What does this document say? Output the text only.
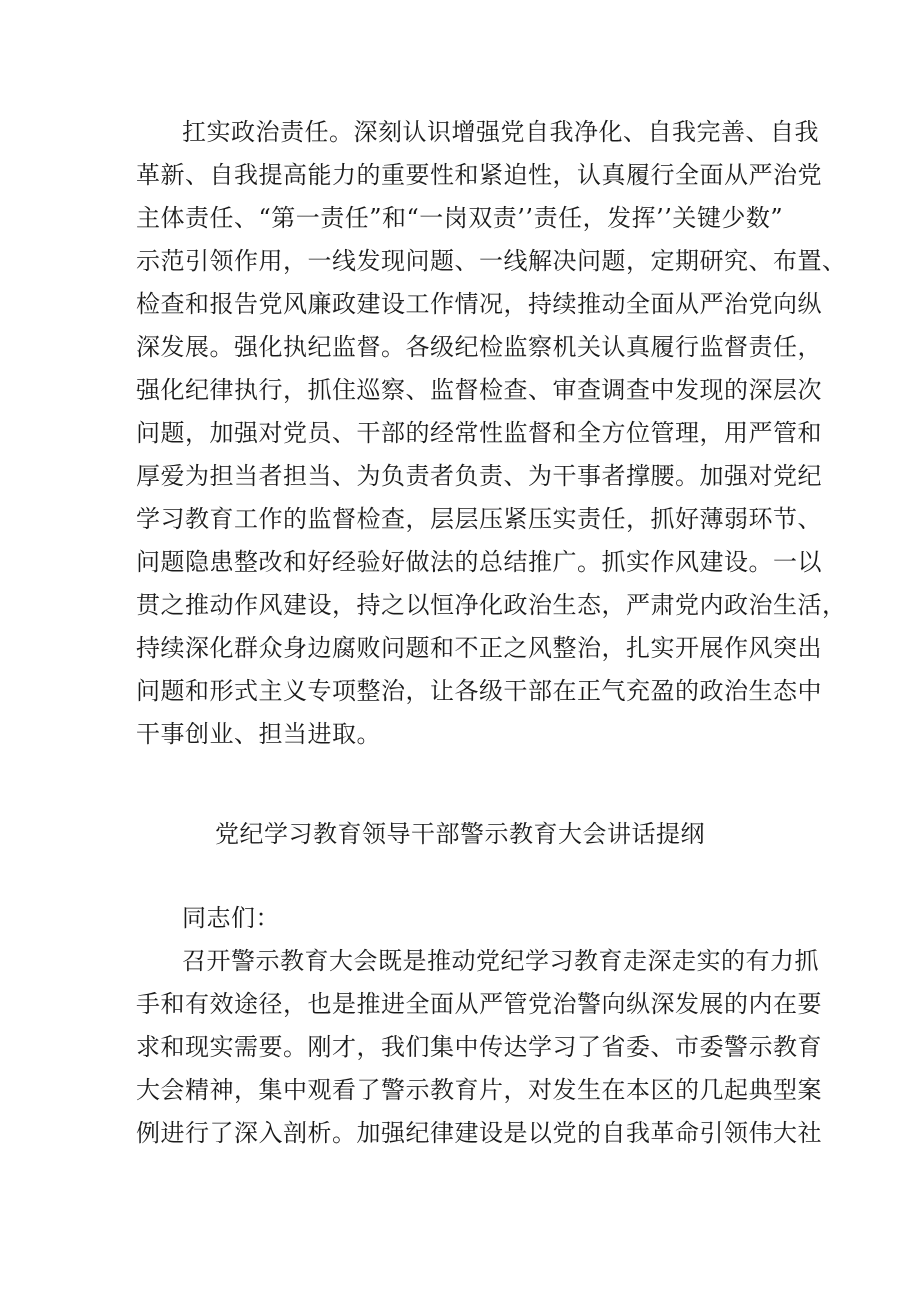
扛实政治责任。深刻认识增强党自我净化、自我完善、自我
革新、自我提高能力的重要性和紧迫性，认真履行全面从严治党
主体责任、“第一责任”和“一岗双责’’责任，发挥’’关键少数”
示范引领作用，一线发现问题、一线解决问题，定期研究、布置、
检查和报告党风廉政建设工作情况，持续推动全面从严治党向纵
深发展。强化执纪监督。各级纪检监察机关认真履行监督责任，
强化纪律执行，抓住巡察、监督检查、审查调查中发现的深层次
问题，加强对党员、干部的经常性监督和全方位管理，用严管和
厚爱为担当者担当、为负责者负责、为干事者撑腰。加强对党纪
学习教育工作的监督检查，层层压紧压实责任，抓好薄弱环节、
问题隐患整改和好经验好做法的总结推广。抓实作风建设。一以
贯之推动作风建设，持之以恒净化政治生态，严肃党内政治生活，
持续深化群众身边腐败问题和不正之风整治，扎实开展作风突出
问题和形式主义专项整治，让各级干部在正气充盈的政治生态中
干事创业、担当进取。
党纪学习教育领导干部警示教育大会讲话提纲
同志们：
召开警示教育大会既是推动党纪学习教育走深走实的有力抓
手和有效途径，也是推进全面从严管党治警向纵深发展的内在要
求和现实需要。刚才，我们集中传达学习了省委、市委警示教育
大会精神，集中观看了警示教育片，对发生在本区的几起典型案
例进行了深入剖析。加强纪律建设是以党的自我革命引领伟大社
